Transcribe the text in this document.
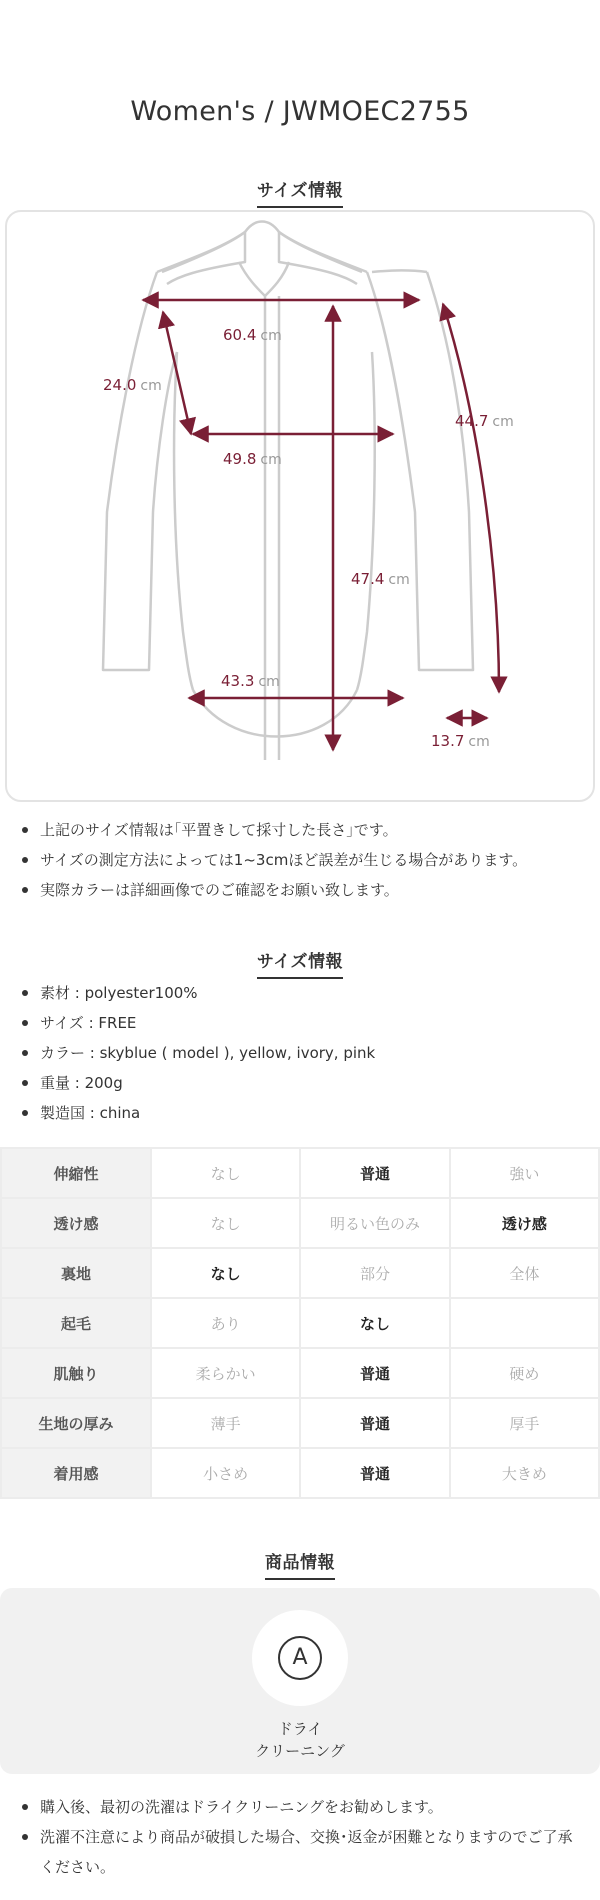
Women's / JWMOEC2755
サイズ情報
60.4 cm
24.0 cm
49.8 cm
44.7 cm
47.4 cm
43.3 cm
13.7 cm
上記のサイズ情報は｢平置きして採寸した長さ｣です。
サイズの測定方法によっては1~3cmほど誤差が生じる場合があります。
実際カラーは詳細画像でのご確認をお願い致します。
サイズ情報
素材 : polyester100%
サイズ : FREE
カラー : skyblue ( model ), yellow, ivory, pink
重量 : 200g
製造国 : china
伸縮性	なし	普通	強い
透け感	なし	明るい色のみ	透け感
裏地	なし	部分	全体
起毛	あり	なし	
肌触り	柔らかい	普通	硬め
生地の厚み	薄手	普通	厚手
着用感	小さめ	普通	大きめ
商品情報
A
ドライ
クリーニング
購入後、最初の洗濯はドライクリーニングをお勧めします。
洗濯不注意により商品が破損した場合、交換･返金が困難となりますのでご了承ください。
